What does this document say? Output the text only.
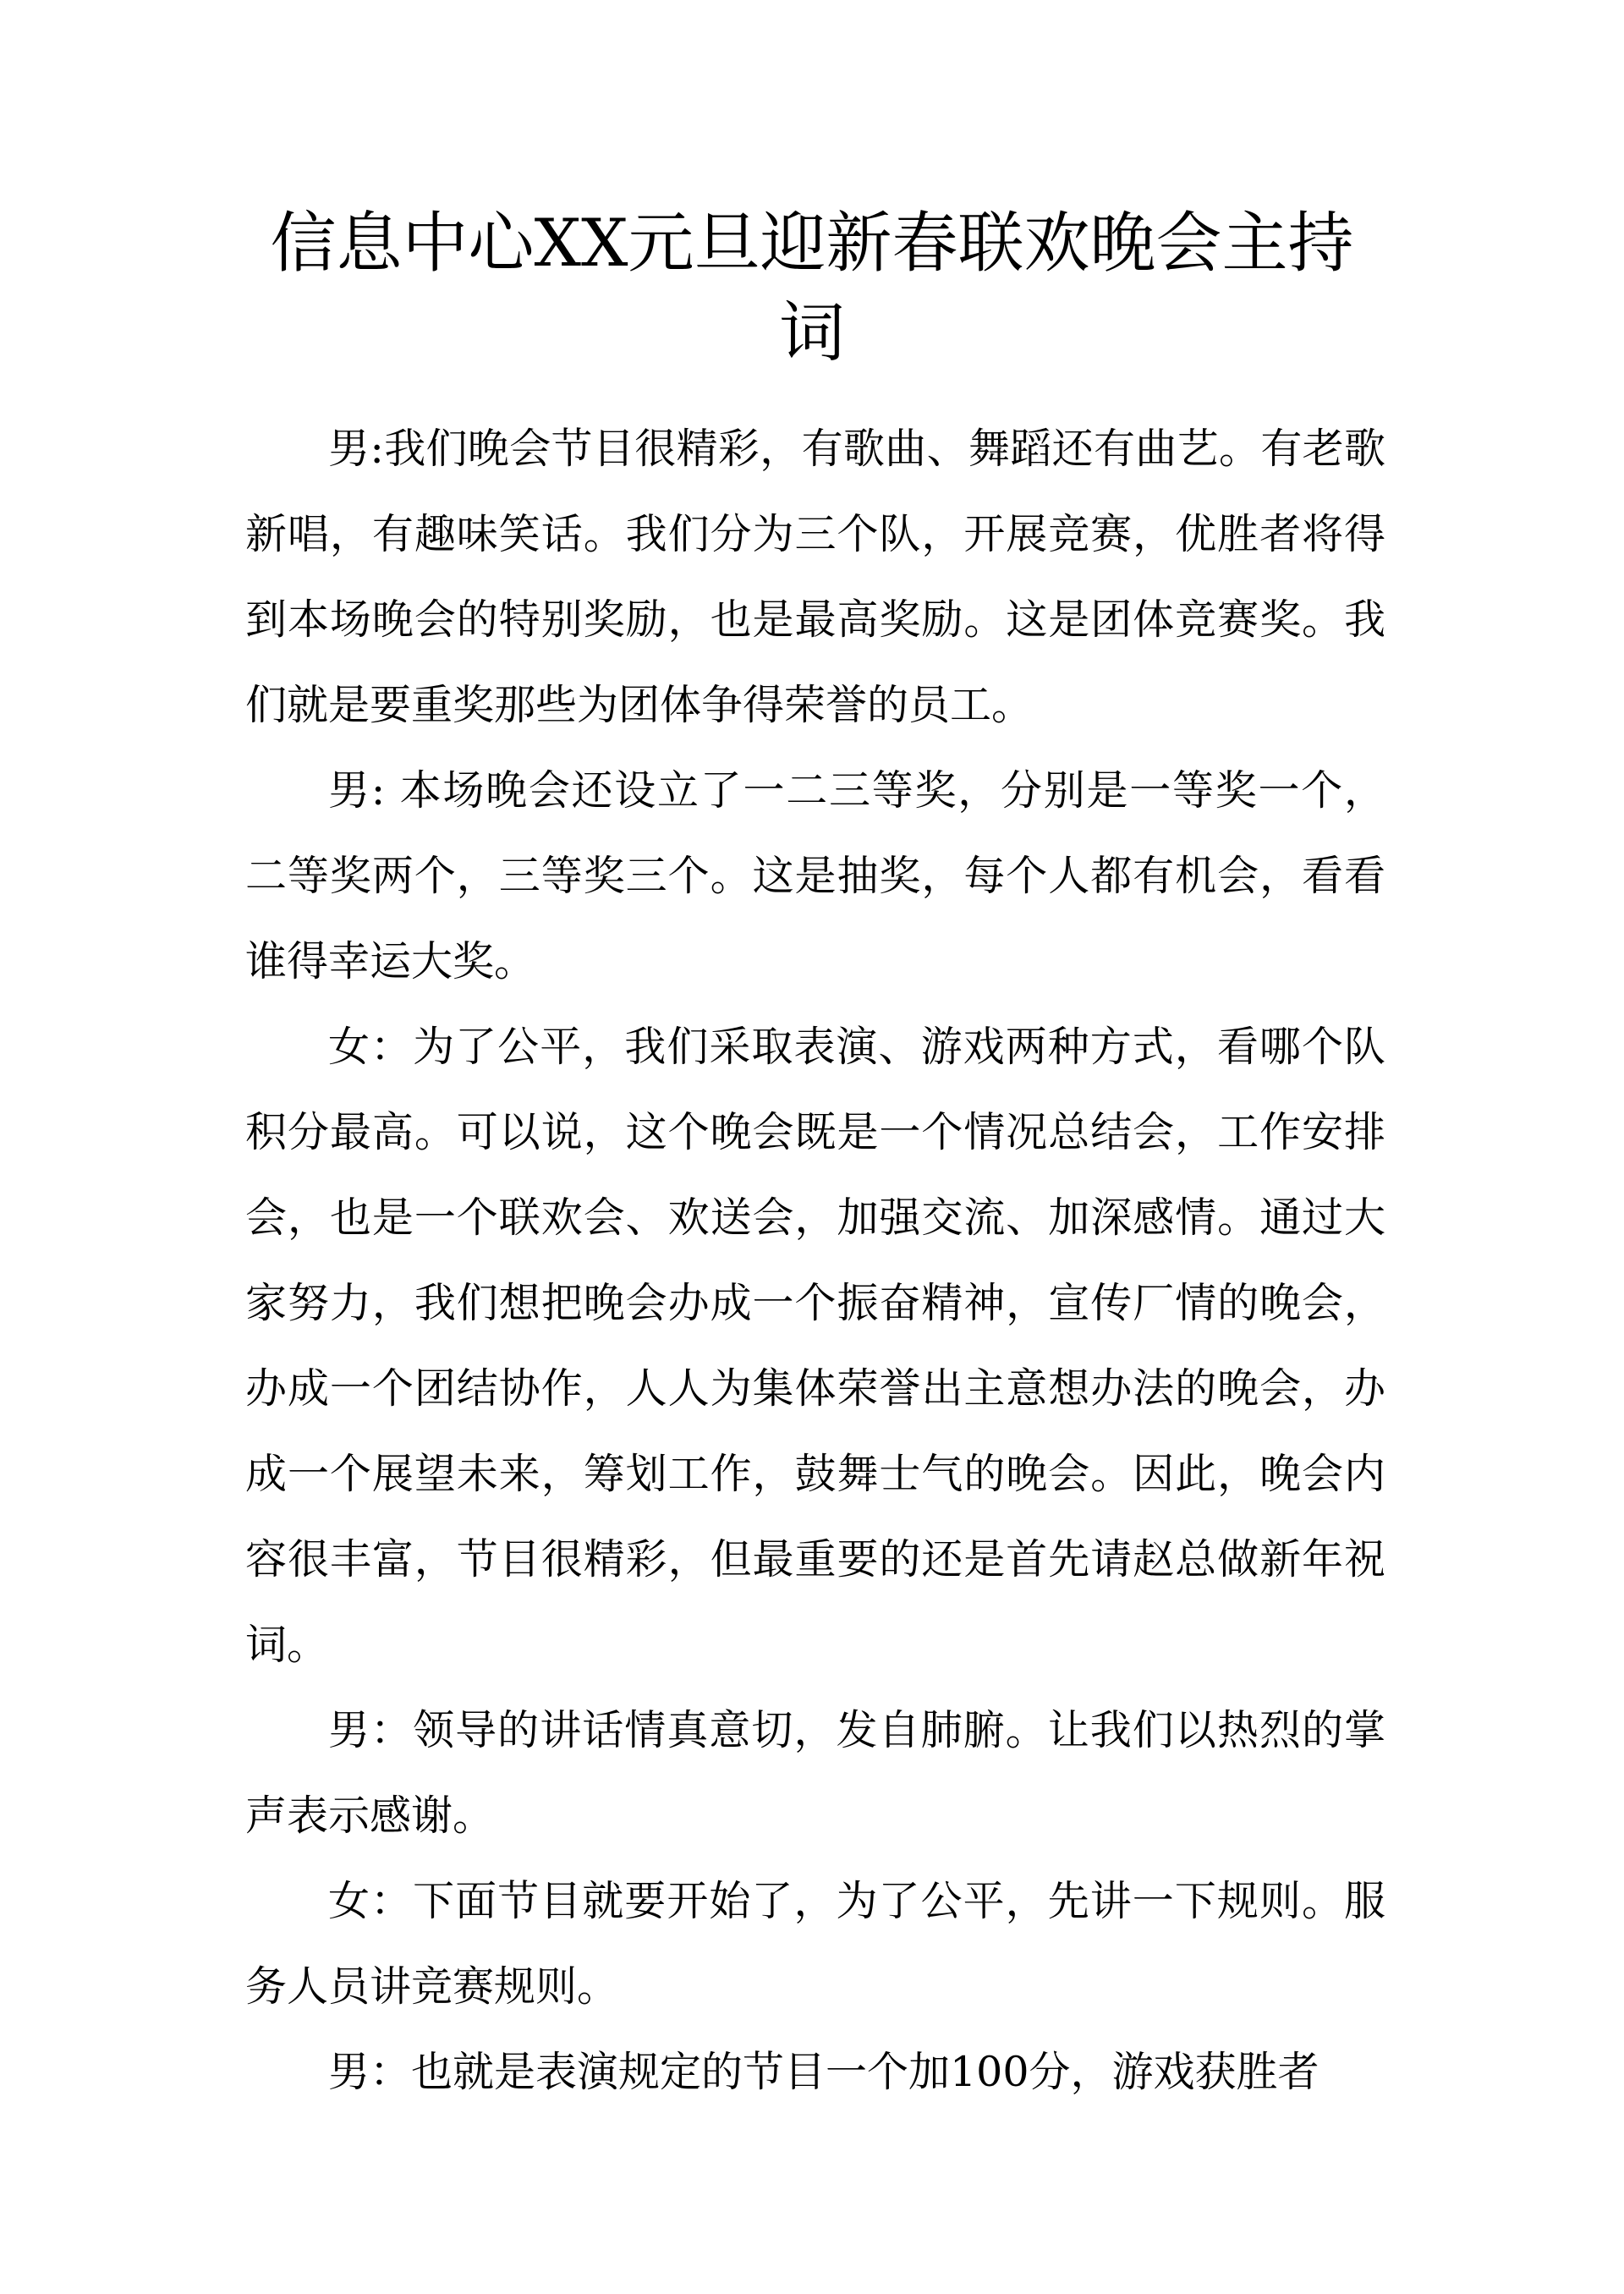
信息中心XX元旦迎新春联欢晚会主持词

男:我们晚会节目很精彩，有歌曲、舞蹈还有曲艺。有老歌新唱，有趣味笑话。我们分为三个队，开展竞赛，优胜者将得到本场晚会的特别奖励，也是最高奖励。这是团体竞赛奖。我们就是要重奖那些为团体争得荣誉的员工。

男: 本场晚会还设立了一二三等奖，分别是一等奖一个，二等奖两个，三等奖三个。这是抽奖，每个人都有机会，看看谁得幸运大奖。

女：为了公平，我们采取表演、游戏两种方式，看哪个队积分最高。可以说，这个晚会既是一个情况总结会，工作安排会，也是一个联欢会、欢送会，加强交流、加深感情。通过大家努力，我们想把晚会办成一个振奋精神，宣传厂情的晚会，办成一个团结协作，人人为集体荣誉出主意想办法的晚会，办成一个展望未来，筹划工作，鼓舞士气的晚会。因此，晚会内容很丰富，节目很精彩，但最重要的还是首先请赵总做新年祝词。

男：领导的讲话情真意切，发自肺腑。让我们以热烈的掌声表示感谢。

女：下面节目就要开始了，为了公平，先讲一下规则。服务人员讲竞赛规则。

男：也就是表演规定的节目一个加100分，游戏获胜者
